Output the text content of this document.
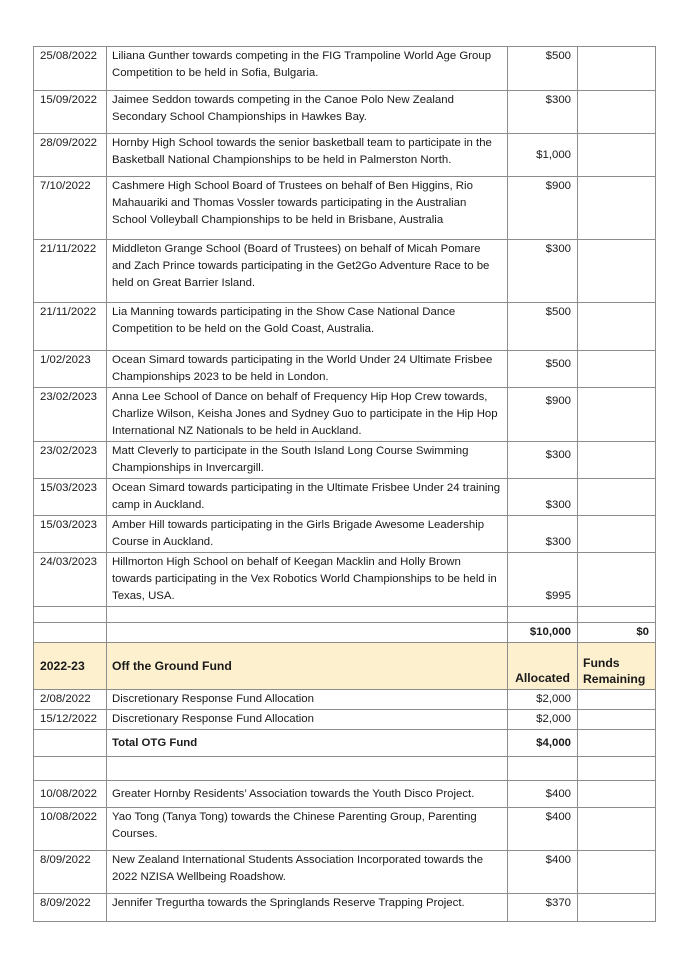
25/08/2022	Liliana Gunther towards competing in the FIG Trampoline World Age Group Competition to be held in Sofia, Bulgaria.	$500	
15/09/2022	Jaimee Seddon towards competing in the Canoe Polo New Zealand Secondary School Championships in Hawkes Bay.	$300	
28/09/2022	Hornby High School towards the senior basketball team to participate in the Basketball National Championships to be held in Palmerston North.	$1,000	
7/10/2022	Cashmere High School Board of Trustees on behalf of Ben Higgins, Rio Mahauariki and Thomas Vossler towards participating in the Australian School Volleyball Championships to be held in Brisbane, Australia	$900	
21/11/2022	Middleton Grange School (Board of Trustees) on behalf of Micah Pomare and Zach Prince towards participating in the Get2Go Adventure Race to be held on Great Barrier Island.	$300	
21/11/2022	Lia Manning towards participating in the Show Case National Dance Competition to be held on the Gold Coast, Australia.	$500	
1/02/2023	Ocean Simard towards participating in the World Under 24 Ultimate Frisbee Championships 2023 to be held in London.	$500	
23/02/2023	Anna Lee School of Dance on behalf of Frequency Hip Hop Crew towards, Charlize Wilson, Keisha Jones and Sydney Guo to participate in the Hip Hop International NZ Nationals to be held in Auckland.	$900	
23/02/2023	Matt Cleverly to participate in the South Island Long Course Swimming Championships in Invercargill.	$300	
15/03/2023	Ocean Simard towards participating in the Ultimate Frisbee Under 24 training camp in Auckland.	$300	
15/03/2023	Amber Hill towards participating in the Girls Brigade Awesome Leadership Course in Auckland.	$300	
24/03/2023	Hillmorton High School on behalf of Keegan Macklin and Holly Brown towards participating in the Vex Robotics World Championships to be held in Texas, USA.	$995	

		$10,000	$0
2022-23	Off the Ground Fund	Allocated	Funds Remaining
2/08/2022	Discretionary Response Fund Allocation	$2,000	
15/12/2022	Discretionary Response Fund Allocation	$2,000	
	Total OTG Fund	$4,000	

10/08/2022	Greater Hornby Residents’ Association towards the Youth Disco Project.	$400	
10/08/2022	Yao Tong (Tanya Tong) towards the Chinese Parenting Group, Parenting Courses.	$400	
8/09/2022	New Zealand International Students Association Incorporated towards the 2022 NZISA Wellbeing Roadshow.	$400	
8/09/2022	Jennifer Tregurtha towards the Springlands Reserve Trapping Project.	$370	
